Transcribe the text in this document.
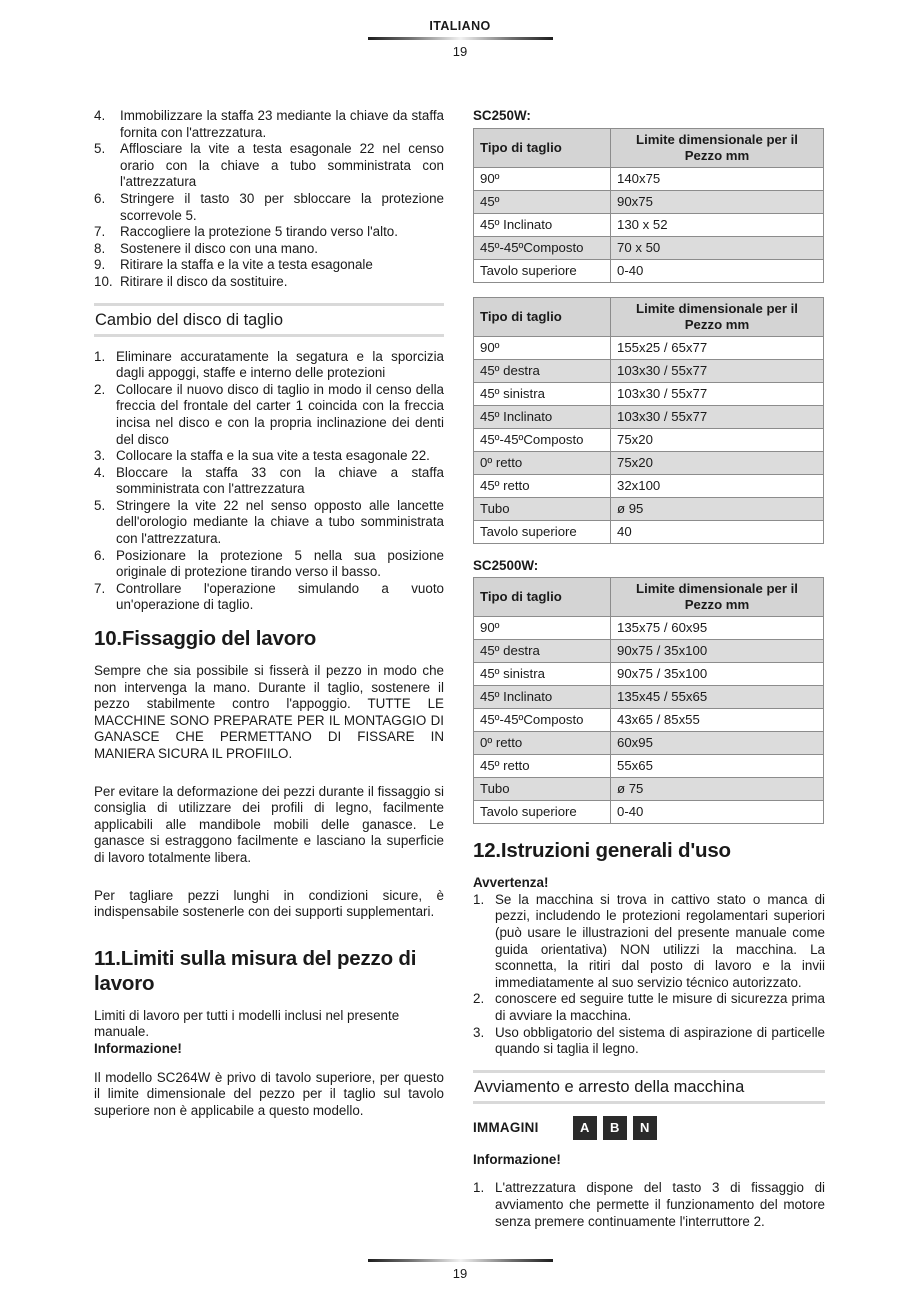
ITALIANO
19
4.	Immobilizzare la staffa 23 mediante la chiave da staffa fornita con l'attrezzatura.
5.	Afflosciare la vite a testa esagonale 22 nel censo orario con la chiave a tubo somministrata con l'attrezzatura
6.	Stringere il tasto 30 per sbloccare la protezione scorrevole 5.
7.	Raccogliere la protezione 5 tirando verso l'alto.
8.	Sostenere il disco con una mano.
9.	Ritirare la staffa e la vite a testa esagonale
10. Ritirare il disco da sostituire.
Cambio del disco di taglio
1. Eliminare accuratamente la segatura e la sporcizia dagli appoggi, staffe e interno delle protezioni
2. Collocare il nuovo disco di taglio in modo il censo della freccia del frontale del carter 1 coincida con la freccia incisa nel disco e con la propria inclinazione dei denti del disco
3. Collocare la staffa e la sua vite a testa esagonale 22.
4. Bloccare la staffa 33 con la chiave a staffa somministrata con l'attrezzatura
5. Stringere la vite 22 nel senso opposto alle lancette dell'orologio mediante la chiave a tubo somministrata con l'attrezzatura.
6. Posizionare la protezione 5 nella sua posizione originale di protezione tirando verso il basso.
7. Controllare l'operazione simulando a vuoto un'operazione di taglio.
10.Fissaggio del lavoro

Sempre che sia possibile si fisserà il pezzo in modo che non intervenga la mano. Durante il taglio, sostenere il pezzo stabilmente contro l'appoggio. TUTTE LE MACCHINE SONO PREPARATE PER IL MONTAGGIO DI GANASCE CHE PERMETTANO DI FISSARE IN MANIERA SICURA IL PROFIILO.

Per evitare la deformazione dei pezzi durante il fissaggio si consiglia di utilizzare dei profili di legno, facilmente applicabili alle mandibole mobili delle ganasce. Le ganasce si estraggono facilmente e lasciano la superficie di lavoro totalmente libera.

Per tagliare pezzi lunghi in condizioni sicure, è indispensabile sostenerle con dei supporti supplementari.

11.Limiti sulla misura del pezzo di lavoro

Limiti di lavoro per tutti i modelli inclusi nel presente manuale.

Informazione!

Il modello SC264W è privo di tavolo superiore, per questo il limite dimensionale del pezzo per il taglio sul tavolo superiore non è applicabile a questo modello.

SC250W:
Tipo di taglio	Limite dimensionale per il Pezzo mm
90º	140x75
45º	90x75
45º Inclinato	130 x 52
45º-45ºComposto	70 x 50
Tavolo superiore	0-40
Tipo di taglio	Limite dimensionale per il Pezzo mm
90º	155x25 / 65x77
45º destra	103x30 / 55x77
45º sinistra	103x30 / 55x77
45º Inclinato	103x30 / 55x77
45º-45ºComposto	75x20
0º retto	75x20
45º retto	32x100
Tubo	ø 95
Tavolo superiore	40
SC2500W:
Tipo di taglio	Limite dimensionale per il Pezzo mm
90º	135x75 / 60x95
45º destra	90x75 / 35x100
45º sinistra	90x75 / 35x100
45º Inclinato	135x45 / 55x65
45º-45ºComposto	43x65 / 85x55
0º retto	60x95
45º retto	55x65
Tubo	ø 75
Tavolo superiore	0-40
12.Istruzioni generali d'uso

Avvertenza!

1. Se la macchina si trova in cattivo stato o manca di pezzi, includendo le protezioni regolamentari superiori (può usare le illustrazioni del presente manuale come guida orientativa) NON utilizzi la macchina. La sconnetta, la ritiri dal posto di lavoro e la invii immediatamente al suo servizio técnico autorizzato.
2. conoscere ed seguire tutte le misure di sicurezza prima di avviare la macchina.
3. Uso obbligatorio del sistema di aspirazione di particelle quando si taglia il legno.
Avviamento e arresto della macchina
IMMAGINI	A	B	N

Informazione!

1. L'attrezzatura dispone del tasto 3 di fissaggio di avviamento che permette il funzionamento del motore senza premere continuamente l'interruttore 2.
19
